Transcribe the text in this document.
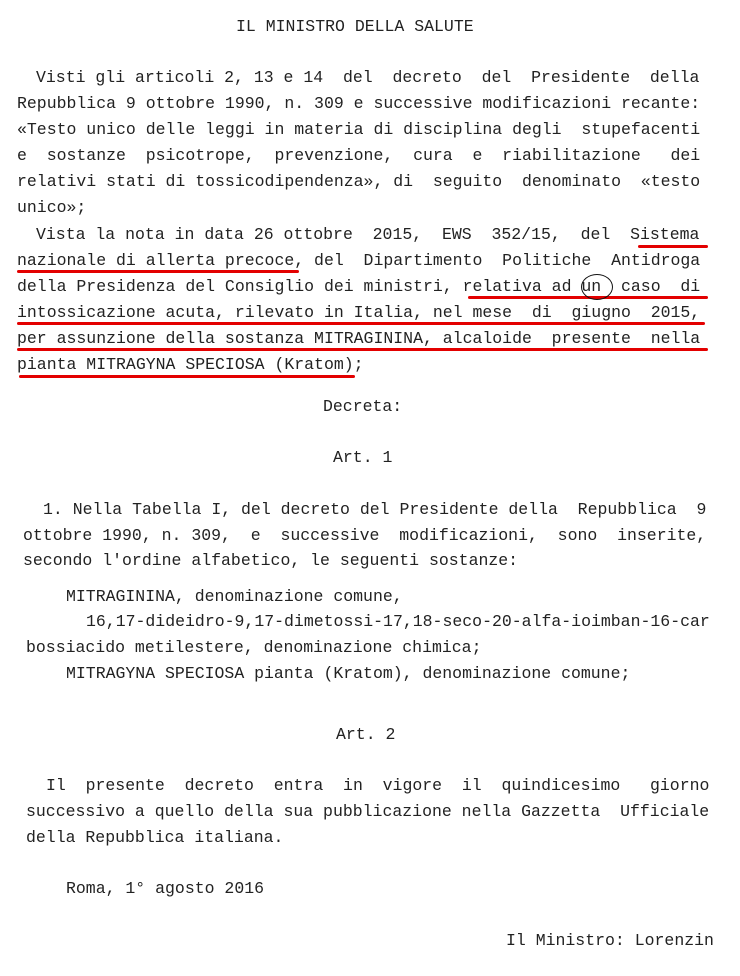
IL MINISTRO DELLA SALUTE
Visti gli articoli 2, 13 e 14  del  decreto  del  Presidente  della
Repubblica 9 ottobre 1990, n. 309 e successive modificazioni recante:
«Testo unico delle leggi in materia di disciplina degli  stupefacenti
e  sostanze  psicotrope,  prevenzione,  cura  e  riabilitazione   dei
relativi stati di tossicodipendenza», di  seguito  denominato  «testo
unico»;
Vista la nota in data 26 ottobre  2015,  EWS  352/15,  del  Sistema
nazionale di allerta precoce, del  Dipartimento  Politiche  Antidroga
della Presidenza del Consiglio dei ministri, relativa ad un  caso  di
intossicazione acuta, rilevato in Italia, nel mese  di  giugno  2015,
per assunzione della sostanza MITRAGININA, alcaloide  presente  nella
pianta MITRAGYNA SPECIOSA (Kratom);
Decreta:
Art. 1
1. Nella Tabella I, del decreto del Presidente della  Repubblica  9
ottobre 1990, n. 309,  e  successive  modificazioni,  sono  inserite,
secondo l'ordine alfabetico, le seguenti sostanze:
MITRAGININA, denominazione comune,
16,17-dideidro-9,17-dimetossi-17,18-seco-20-alfa-ioimban-16-car
bossiacido metilestere, denominazione chimica;
MITRAGYNA SPECIOSA pianta (Kratom), denominazione comune;
Art. 2
Il  presente  decreto  entra  in  vigore  il  quindicesimo   giorno
successivo a quello della sua pubblicazione nella Gazzetta  Ufficiale
della Repubblica italiana.
Roma, 1° agosto 2016
Il Ministro: Lorenzin
